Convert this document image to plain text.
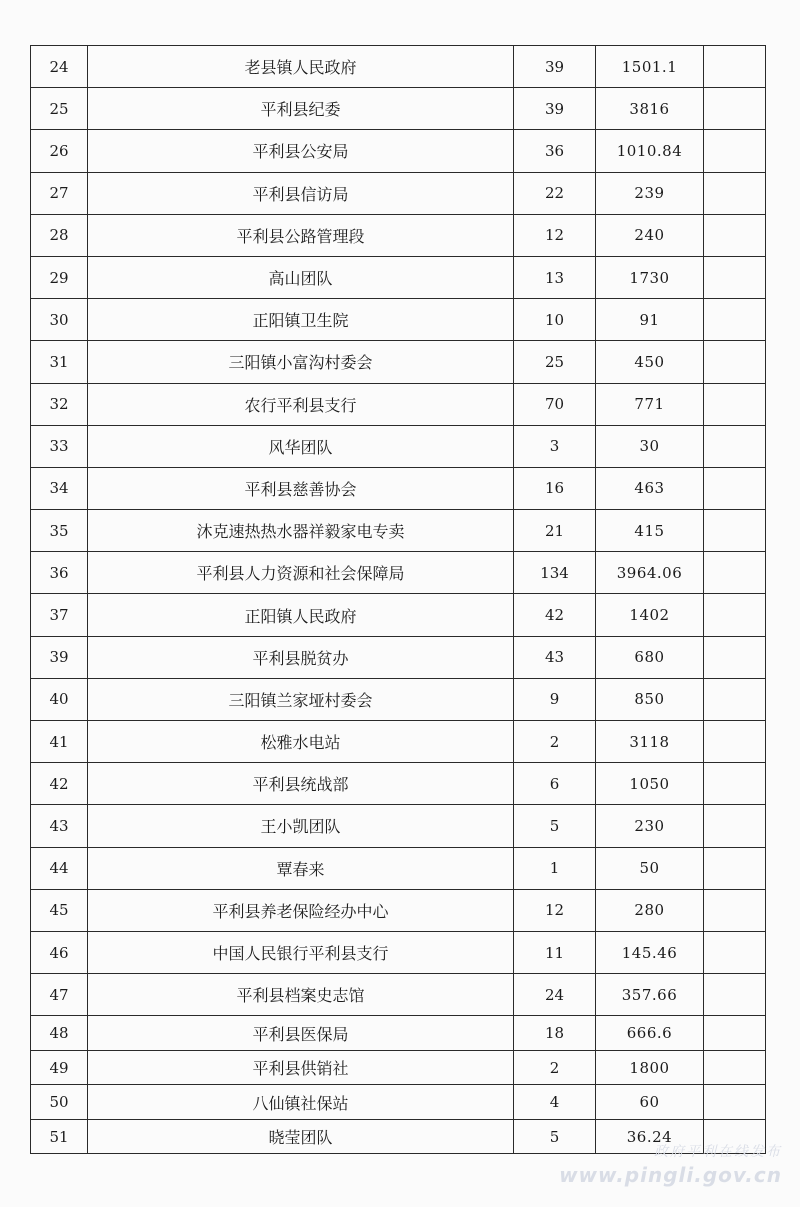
24	老县镇人民政府	39	1501.1	
25	平利县纪委	39	3816	
26	平利县公安局	36	1010.84	
27	平利县信访局	22	239	
28	平利县公路管理段	12	240	
29	高山团队	13	1730	
30	正阳镇卫生院	10	91	
31	三阳镇小富沟村委会	25	450	
32	农行平利县支行	70	771	
33	风华团队	3	30	
34	平利县慈善协会	16	463	
35	沐克速热热水器祥毅家电专卖	21	415	
36	平利县人力资源和社会保障局	134	3964.06	
37	正阳镇人民政府	42	1402	
39	平利县脱贫办	43	680	
40	三阳镇兰家垭村委会	9	850	
41	松雅水电站	2	3118	
42	平利县统战部	6	1050	
43	王小凯团队	5	230	
44	覃春来	1	50	
45	平利县养老保险经办中心	12	280	
46	中国人民银行平利县支行	11	145.46	
47	平利县档案史志馆	24	357.66	
48	平利县医保局	18	666.6	
49	平利县供销社	2	1800	
50	八仙镇社保站	4	60	
51	晓莹团队	5	36.24	
政府平利在线发布
www.pingli.gov.cn
